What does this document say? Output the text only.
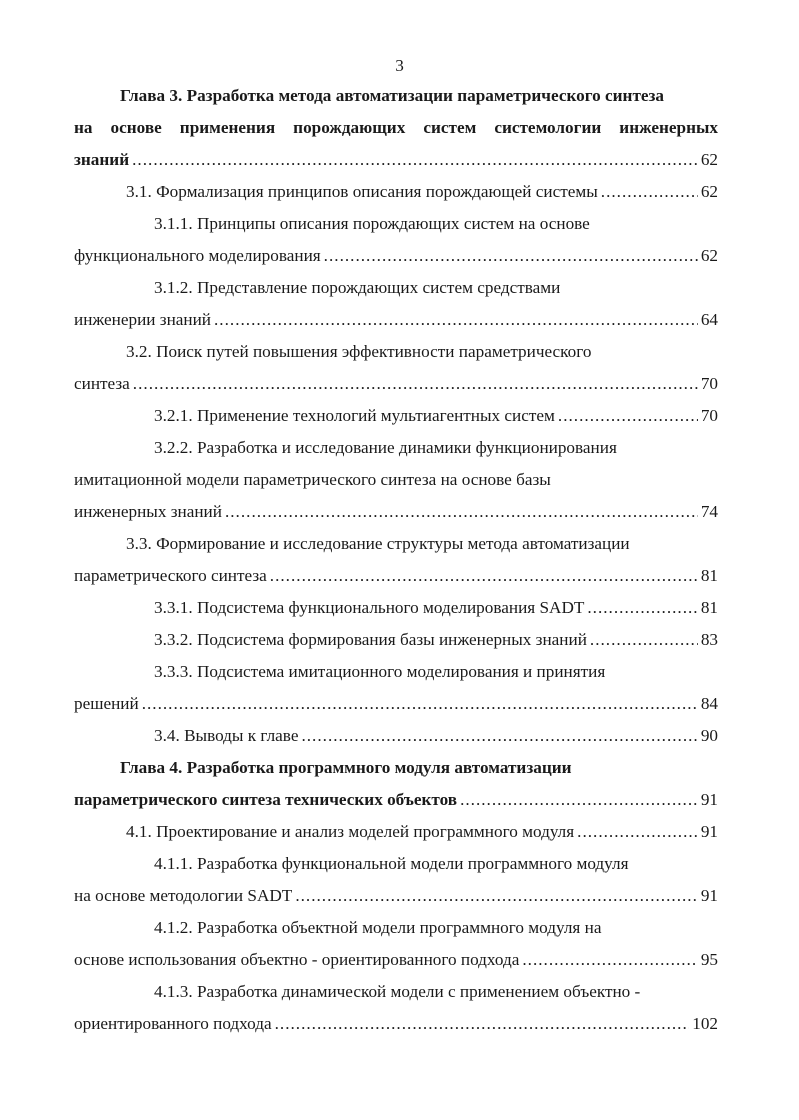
3
Глава 3. Разработка метода автоматизации параметрического синтеза
на основе применения порождающих систем системологии инженерных
знаний .....	62
3.1. Формализация принципов описания порождающей системы .....	62
3.1.1. Принципы описания порождающих систем на основе
функционального моделирования .....	62
3.1.2. Представление порождающих систем средствами
инженерии знаний .....	64
3.2. Поиск путей повышения эффективности параметрического
синтеза .....	70
3.2.1. Применение технологий мультиагентных систем .....	70
3.2.2. Разработка и исследование динамики функционирования
имитационной модели параметрического синтеза на основе базы
инженерных знаний .....	74
3.3. Формирование и исследование структуры метода автоматизации
параметрического синтеза .....	81
3.3.1. Подсистема функционального моделирования SADT .....	81
3.3.2. Подсистема формирования базы инженерных знаний .....	83
3.3.3. Подсистема имитационного моделирования и принятия
решений .....	84
3.4. Выводы к главе .....	90
Глава 4. Разработка программного модуля автоматизации
параметрического синтеза технических объектов .....	91
4.1. Проектирование и анализ моделей программного модуля .....	91
4.1.1. Разработка функциональной модели программного модуля
на основе методологии SADT .....	91
4.1.2. Разработка объектной модели программного модуля на
основе использования объектно - ориентированного подхода .....	95
4.1.3. Разработка динамической модели с применением объектно -
ориентированного подхода .....	102
